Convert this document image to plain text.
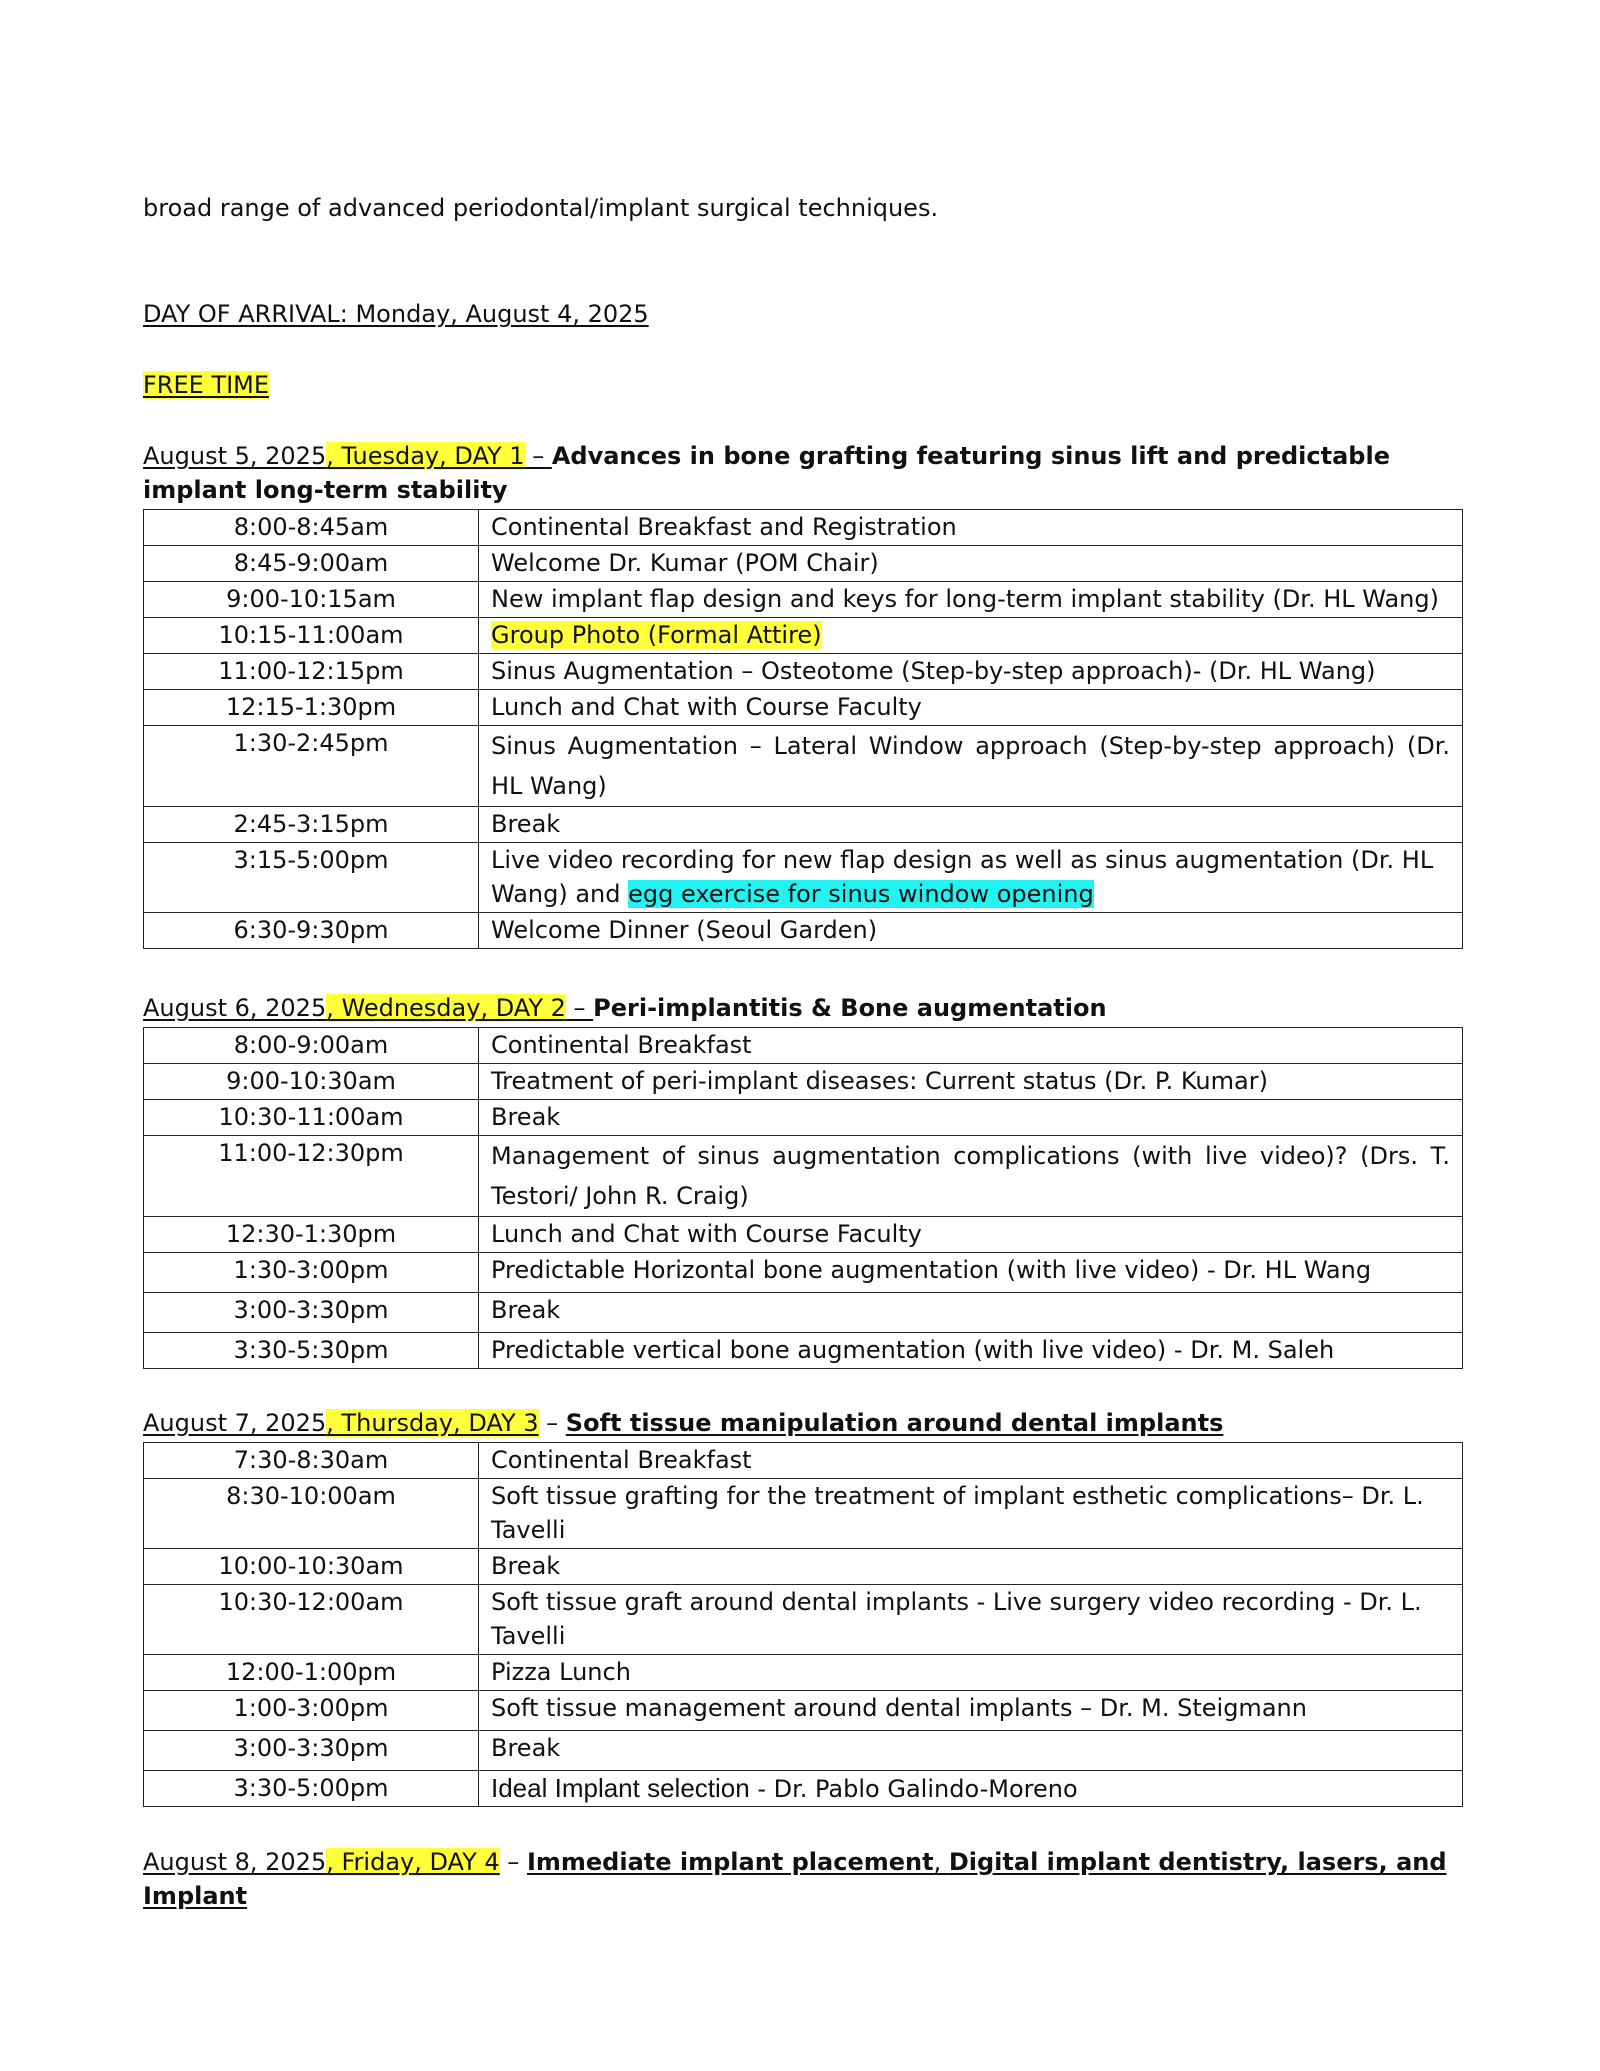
broad range of advanced periodontal/implant surgical techniques.
DAY OF ARRIVAL: Monday, August 4, 2025
FREE TIME
August 5, 2025, Tuesday, DAY 1 – Advances in bone grafting featuring sinus lift and predictable implant long-term stability
8:00-8:45am	Continental Breakfast and Registration
8:45-9:00am	Welcome Dr. Kumar (POM Chair)
9:00-10:15am	New implant flap design and keys for long-term implant stability (Dr. HL Wang)
10:15-11:00am	Group Photo (Formal Attire)
11:00-12:15pm	Sinus Augmentation – Osteotome (Step-by-step approach)- (Dr. HL Wang)
12:15-1:30pm	Lunch and Chat with Course Faculty
1:30-2:45pm	Sinus Augmentation – Lateral Window approach (Step-by-step approach) (Dr. HL Wang)
2:45-3:15pm	Break
3:15-5:00pm	Live video recording for new flap design as well as sinus augmentation (Dr. HL Wang) and egg exercise for sinus window opening
6:30-9:30pm	Welcome Dinner (Seoul Garden)
August 6, 2025, Wednesday, DAY 2 – Peri-implantitis & Bone augmentation
8:00-9:00am	Continental Breakfast
9:00-10:30am	Treatment of peri-implant diseases: Current status (Dr. P. Kumar)
10:30-11:00am	Break
11:00-12:30pm	Management of sinus augmentation complications (with live video)? (Drs. T. Testori/ John R. Craig)
12:30-1:30pm	Lunch and Chat with Course Faculty
1:30-3:00pm	Predictable Horizontal bone augmentation (with live video) - Dr. HL Wang
3:00-3:30pm	Break
3:30-5:30pm	Predictable vertical bone augmentation (with live video) - Dr. M. Saleh
August 7, 2025, Thursday, DAY 3 – Soft tissue manipulation around dental implants
7:30-8:30am	Continental Breakfast
8:30-10:00am	Soft tissue grafting for the treatment of implant esthetic complications– Dr. L. Tavelli
10:00-10:30am	Break
10:30-12:00am	Soft tissue graft around dental implants - Live surgery video recording - Dr. L. Tavelli
12:00-1:00pm	Pizza Lunch
1:00-3:00pm	Soft tissue management around dental implants – Dr. M. Steigmann
3:00-3:30pm	Break
3:30-5:00pm	Ideal Implant selection - Dr. Pablo Galindo-Moreno
August 8, 2025, Friday, DAY 4 – Immediate implant placement, Digital implant dentistry, lasers, and Implant
